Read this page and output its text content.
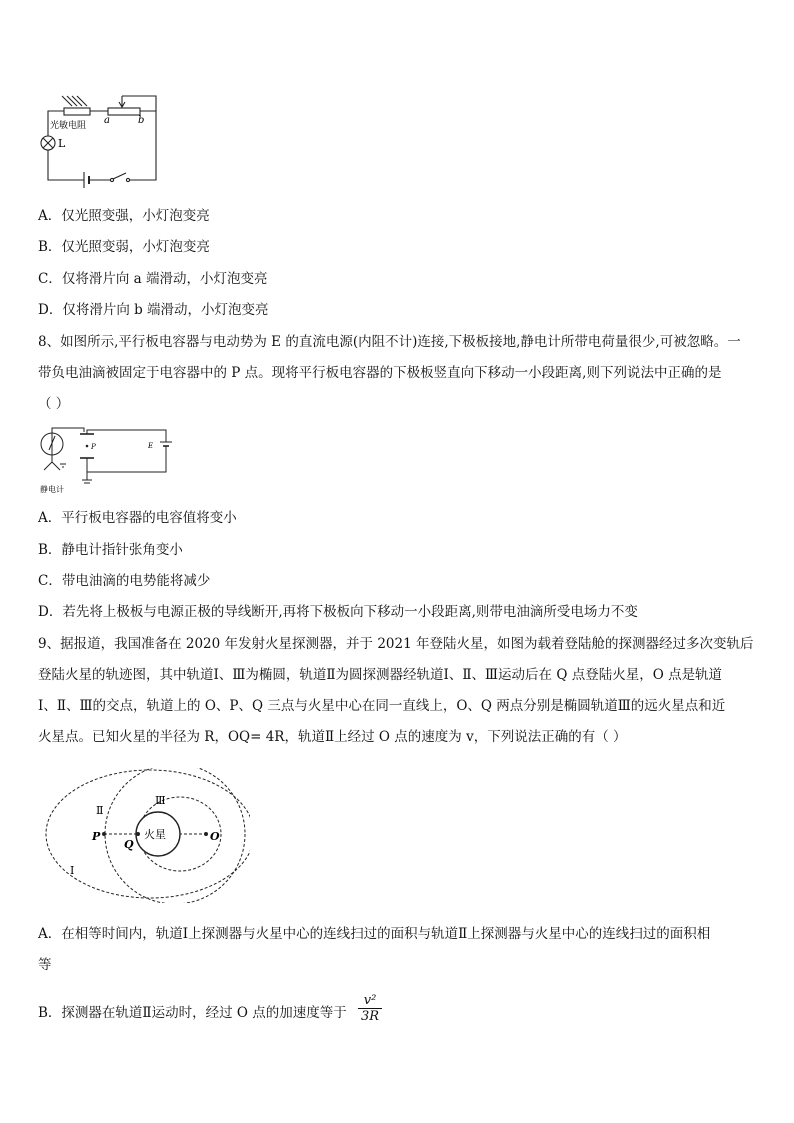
光敏电阻
L
a	b
A．仅光照变强，小灯泡变亮
B．仅光照变弱，小灯泡变亮
C．仅将滑片向 a 端滑动，小灯泡变亮
D．仅将滑片向 b 端滑动，小灯泡变亮
8、如图所示,平行板电容器与电动势为 E 的直流电源(内阻不计)连接,下极板接地,静电计所带电荷量很少,可被忽略。一
带负电油滴被固定于电容器中的 P 点。现将平行板电容器的下极板竖直向下移动一小段距离,则下列说法中正确的是
（ ）
P	E
静电计
A．平行板电容器的电容值将变小
B．静电计指针张角变小
C．带电油滴的电势能将减少
D．若先将上极板与电源正极的导线断开,再将下极板向下移动一小段距离,则带电油滴所受电场力不变
9、据报道，我国准备在 2020 年发射火星探测器，并于 2021 年登陆火星，如图为载着登陆舱的探测器经过多次变轨后
登陆火星的轨迹图，其中轨道Ⅰ、Ⅲ为椭圆，轨道Ⅱ为圆探测器经轨道Ⅰ、Ⅱ、Ⅲ运动后在 Q 点登陆火星，O 点是轨道
Ⅰ、Ⅱ、Ⅲ的交点，轨道上的 O、P、Q 三点与火星中心在同一直线上，O、Q 两点分别是椭圆轨道Ⅲ的远火星点和近
火星点。已知火星的半径为 R，OQ= 4R，轨道Ⅱ上经过 O 点的速度为 v，下列说法正确的有（ ）
火星
P
Q
O
Ⅱ
Ⅲ
Ⅰ
A．在相等时间内，轨道Ⅰ上探测器与火星中心的连线扫过的面积与轨道Ⅱ上探测器与火星中心的连线扫过的面积相
等
B．探测器在轨道Ⅱ运动时，经过 O 点的加速度等于 $\frac{\text{v²}}{3R}$
